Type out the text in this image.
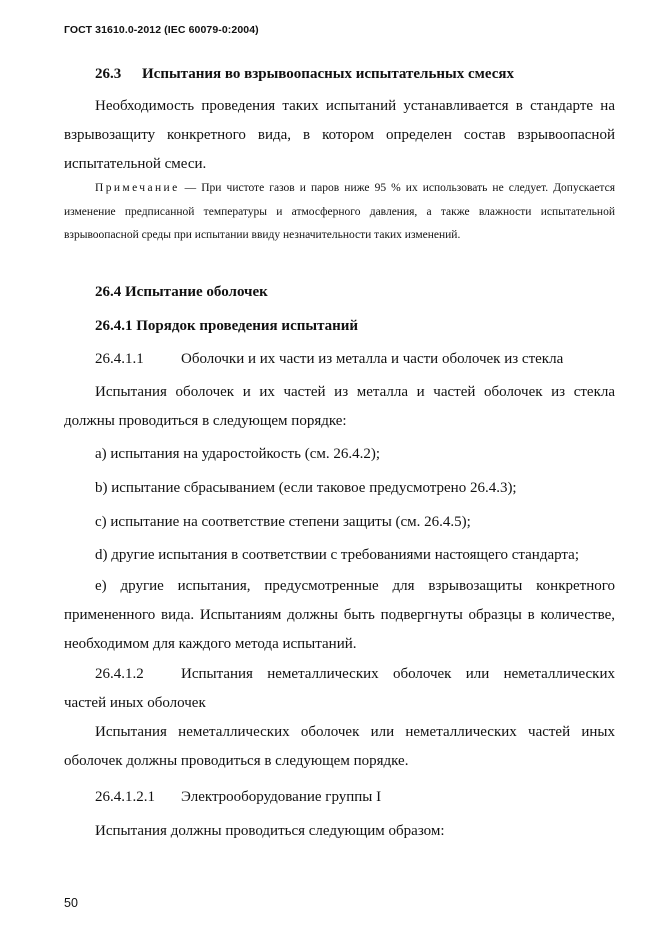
ГОСТ 31610.0-2012 (IEC 60079-0:2004)
26.3 Испытания во взрывоопасных испытательных смесях

Необходимость проведения таких испытаний устанавливается в стандарте на взрывозащиту конкретного вида, в котором определен состав взрывоопасной испытательной смеси.

Примечание — При чистоте газов и паров ниже 95 % их использовать не следует. Допускается изменение предписанной температуры и атмосферного давления, а также влажности испытательной взрывоопасной среды при испытании ввиду незначительности таких изменений.

26.4 Испытание оболочек
26.4.1 Порядок проведения испытаний
26.4.1.1 Оболочки и их части из металла и части оболочек из стекла

Испытания оболочек и их частей из металла и частей оболочек из стекла должны проводиться в следующем порядке:

a) испытания на ударостойкость (см. 26.4.2);
b) испытание сбрасыванием (если таковое предусмотрено 26.4.3);
c) испытание на соответствие степени защиты (см. 26.4.5);
d) другие испытания в соответствии с требованиями настоящего стандарта;

e) другие испытания, предусмотренные для взрывозащиты конкретного примененного вида. Испытаниям должны быть подвергнуты образцы в количестве, необходимом для каждого метода испытаний.

26.4.1.2 Испытания неметаллических оболочек или неметаллических частей иных оболочек

Испытания неметаллических оболочек или неметаллических частей иных оболочек должны проводиться в следующем порядке.

26.4.1.2.1 Электрооборудование группы I
Испытания должны проводиться следующим образом:
50
